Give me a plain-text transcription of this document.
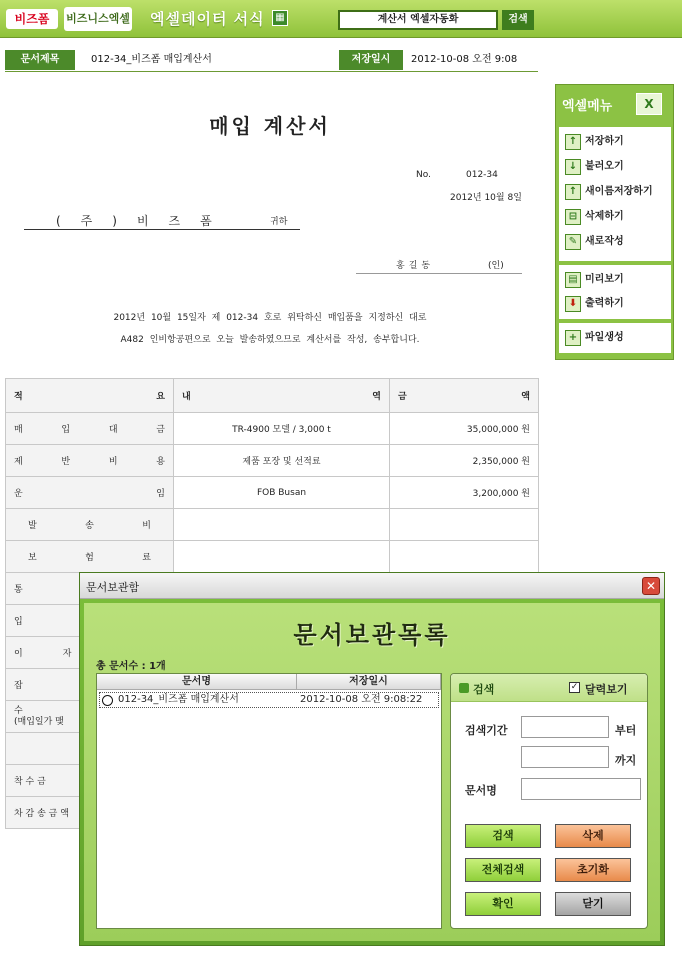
비즈폼	비즈니스엑셀 엑셀데이터 서식	▦	계산서 엑셀자동화	검색
문서제목	012-34_비즈폼 매입계산서	저장일시	2012-10-08 오전 9:08
매입 계산서
No.	012-34
2012년 10월 8일
(주)비즈폼	귀하
홍길동	(인)
2012년 10월 15일자 제 012-34 호로 위탁하신 매입품을 지정하신 대로
A482 인비항공편으로 오늘 발송하였으므로 계산서를 작성, 송부합니다.
적 요	내 역	금 액

매 입 대 금	TR-4900 모델 / 3,000 t	35,000,000 원

제 반 비 용	제품 포장 및 선적료	2,350,000 원

운 임	FOB Busan	3,200,000 원

발 송 비		

보 험 료		

통		
입		
이 자		
잡		

수
(매입일가 맺		

착 수 금		
차 감 송 금 액		
엑셀메뉴	X
↑ 저장하기
↓ 불러오기
↑ 새이름저장하기
⊟ 삭제하기
✎ 새로작성
▤ 미리보기
⬇ 출력하기
+ 파일생성
문서보관함	✕
문서보관목록
총 문서수 : 1개
문서명	저장일시
012-34_비즈폼 매입계산서	2012-10-08 오전 9:08:22
검색	✓ 달력보기
검색기간	부터
까지
문서명
검색	삭제
전체검색	초기화
확인	닫기
